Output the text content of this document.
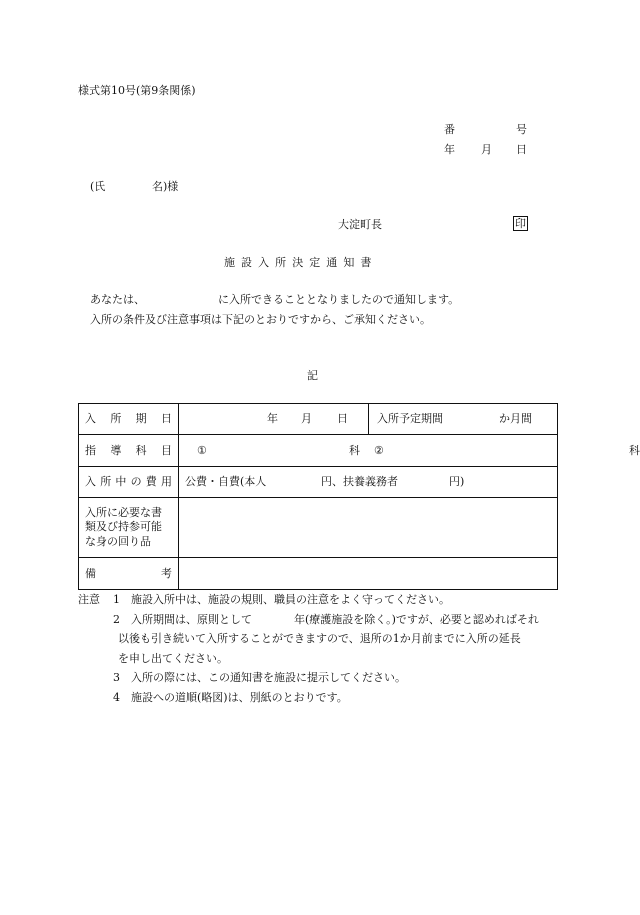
様式第10号(第9条関係)
番	号
年 月 日
(氏	名)様
大淀町長	印
施設入所決定通知書
あなたは、	に入所できることとなりましたので通知します。
入所の条件及び注意事項は下記のとおりですから、ご承知ください。
記
入所期日	年 月 日	入所予定期間 か月間

指導科目	① 科 ② 科	

入所中の費用	公費・自費(本人 円、扶養義務者 円)	

入所に必要な書類及び持参可能な身の回り品		
備考		
注意 1 施設入所中は、施設の規則、職員の注意をよく守ってください。
2 入所期間は、原則として	年(療護施設を除く。)ですが、必要と認めればそれ
以後も引き続いて入所することができますので、退所の1か月前までに入所の延長
を申し出てください。
3 入所の際には、この通知書を施設に提示してください。
4 施設への道順(略図)は、別紙のとおりです。
